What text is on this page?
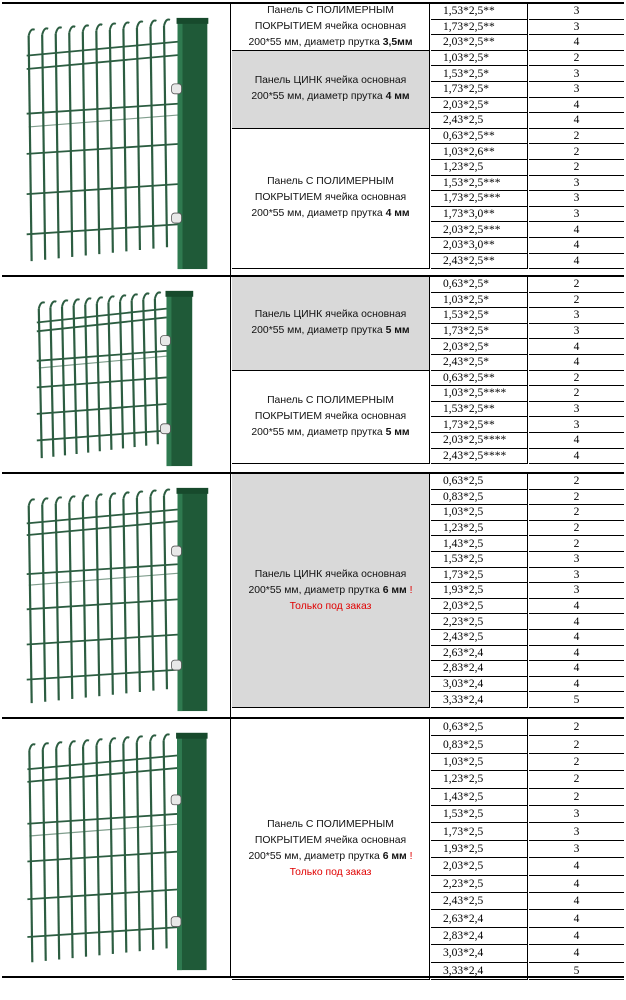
Панель С ПОЛИМЕРНЫМ
ПОКРЫТИЕМ ячейка основная
200*55 мм, диаметр прутка 3,5мм
1,53*2,5**	3
1,73*2,5**	3
2,03*2,5**	4
Панель ЦИНК ячейка основная
200*55 мм, диаметр прутка 4 мм
1,03*2,5*	2
1,53*2,5*	3
1,73*2,5*	3
2,03*2,5*	4
2,43*2,5	4
Панель С ПОЛИМЕРНЫМ
ПОКРЫТИЕМ ячейка основная
200*55 мм, диаметр прутка 4 мм
0,63*2,5**	2
1,03*2,6**	2
1,23*2,5	2
1,53*2,5***	3
1,73*2,5***	3
1,73*3,0**	3
2,03*2,5***	4
2,03*3,0**	4
2,43*2,5**	4
Панель ЦИНК ячейка основная
200*55 мм, диаметр прутка 5 мм
0,63*2,5*	2
1,03*2,5*	2
1,53*2,5*	3
1,73*2,5*	3
2,03*2,5*	4
2,43*2,5*	4
Панель С ПОЛИМЕРНЫМ
ПОКРЫТИЕМ ячейка основная
200*55 мм, диаметр прутка 5 мм
0,63*2,5**	2
1,03*2,5****	2
1,53*2,5**	3
1,73*2,5**	3
2,03*2,5****	4
2,43*2,5****	4
Панель ЦИНК ячейка основная
200*55 мм, диаметр прутка 6 мм !
Только под заказ
0,63*2,5	2
0,83*2,5	2
1,03*2,5	2
1,23*2,5	2
1,43*2,5	2
1,53*2,5	3
1,73*2,5	3
1,93*2,5	3
2,03*2,5	4
2,23*2,5	4
2,43*2,5	4
2,63*2,4	4
2,83*2,4	4
3,03*2,4	4
3,33*2,4	5
Панель С ПОЛИМЕРНЫМ
ПОКРЫТИЕМ ячейка основная
200*55 мм, диаметр прутка 6 мм !
Только под заказ
0,63*2,5	2
0,83*2,5	2
1,03*2,5	2
1,23*2,5	2
1,43*2,5	2
1,53*2,5	3
1,73*2,5	3
1,93*2,5	3
2,03*2,5	4
2,23*2,5	4
2,43*2,5	4
2,63*2,4	4
2,83*2,4	4
3,03*2,4	4
3,33*2,4	5
